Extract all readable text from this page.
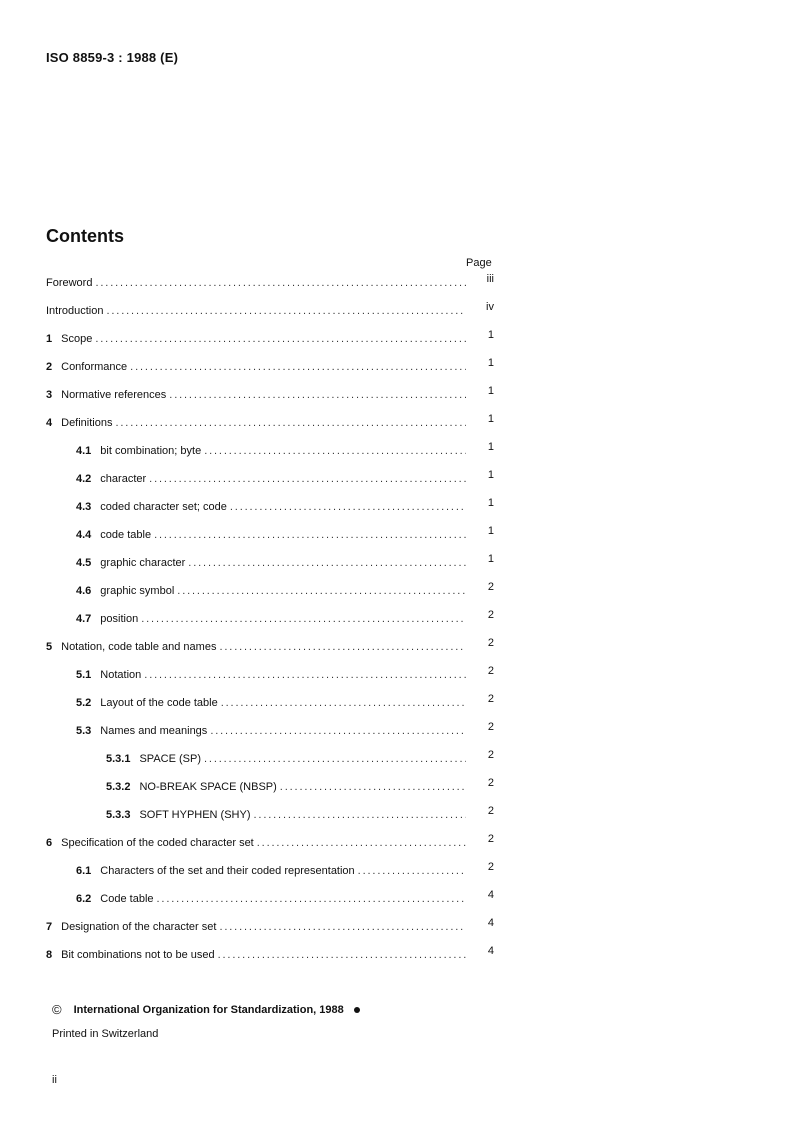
ISO 8859-3 : 1988 (E)
Contents
Page
Foreword . . .	iii
Introduction . . .	iv
1 Scope . . .	1
2 Conformance . . .	1
3 Normative references . . .	1
4 Definitions . . .	1
4.1 bit combination; byte . . .	1
4.2 character . . .	1
4.3 coded character set; code . . .	1
4.4 code table . . .	1
4.5 graphic character . . .	1
4.6 graphic symbol . . .	2
4.7 position . . .	2
5 Notation, code table and names . . .	2
5.1 Notation . . .	2
5.2 Layout of the code table . . .	2
5.3 Names and meanings . . .	2
5.3.1 SPACE (SP) . . .	2
5.3.2 NO-BREAK SPACE (NBSP) . . .	2
5.3.3 SOFT HYPHEN (SHY) . . .	2
6 Specification of the coded character set . . .	2
6.1 Characters of the set and their coded representation . . .	2
6.2 Code table . . .	4
7 Designation of the character set . . .	4
8 Bit combinations not to be used . . .	4
© International Organization for Standardization, 1988
Printed in Switzerland
ii
